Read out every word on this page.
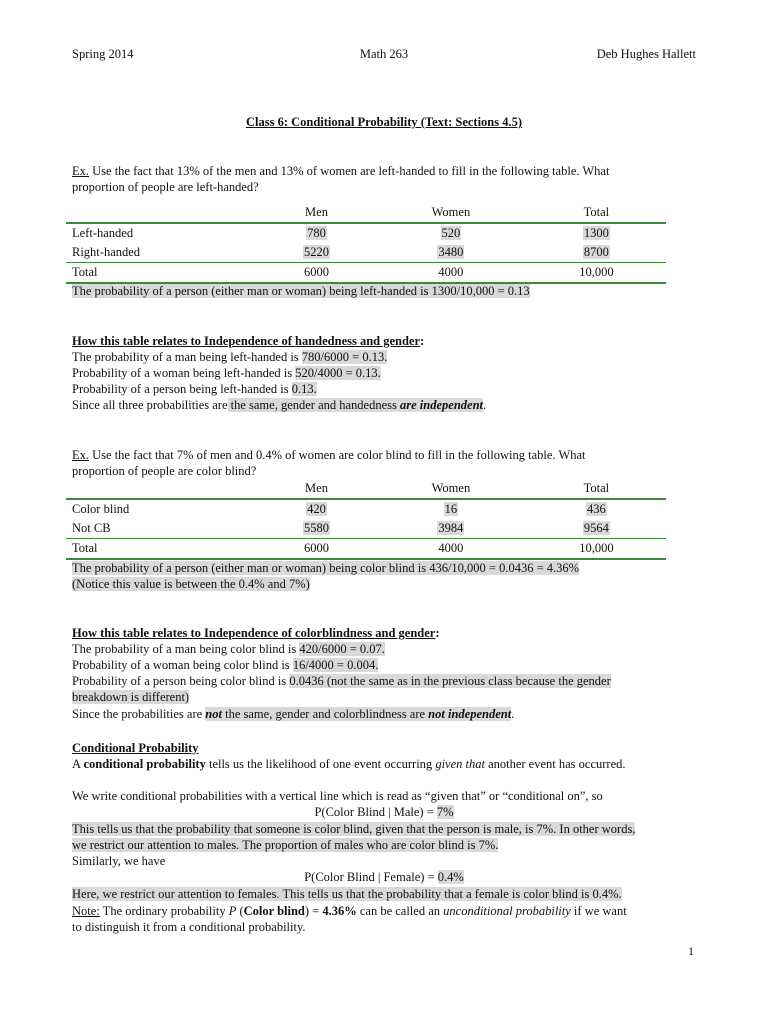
Spring 2014	Math 263	Deb Hughes Hallett
Class 6: Conditional Probability (Text: Sections 4.5)
Ex. Use the fact that 13% of the men and 13% of women are left-handed to fill in the following table. What
proportion of people are left-handed?
	Men	Women	Total
Left-handed	780	520	1300
Right-handed	5220	3480	8700
Total	6000	4000	10,000
The probability of a person (either man or woman) being left-handed is 1300/10,000 = 0.13
How this table relates to Independence of handedness and gender:
The probability of a man being left-handed is 780/6000 = 0.13.
Probability of a woman being left-handed is 520/4000 = 0.13.
Probability of a person being left-handed is 0.13.
Since all three probabilities are the same, gender and handedness are independent.
Ex. Use the fact that 7% of men and 0.4% of women are color blind to fill in the following table. What
proportion of people are color blind?
	Men	Women	Total
Color blind	420	16	436
Not CB	5580	3984	9564
Total	6000	4000	10,000
The probability of a person (either man or woman) being color blind is 436/10,000 = 0.0436 = 4.36%
(Notice this value is between the 0.4% and 7%)
How this table relates to Independence of colorblindness and gender:
The probability of a man being color blind is 420/6000 = 0.07.
Probability of a woman being color blind is 16/4000 = 0.004.
Probability of a person being color blind is 0.0436 (not the same as in the previous class because the gender
breakdown is different)
Since the probabilities are not the same, gender and colorblindness are not independent.
Conditional Probability
A conditional probability tells us the likelihood of one event occurring given that another event has occurred.
We write conditional probabilities with a vertical line which is read as “given that” or “conditional on”, so
P(Color Blind | Male) = 7%
This tells us that the probability that someone is color blind, given that the person is male, is 7%. In other words,
we restrict our attention to males. The proportion of males who are color blind is 7%.
Similarly, we have
P(Color Blind | Female) = 0.4%
Here, we restrict our attention to females. This tells us that the probability that a female is color blind is 0.4%.
Note: The ordinary probability P (Color blind) = 4.36% can be called an unconditional probability if we want
to distinguish it from a conditional probability.
1
